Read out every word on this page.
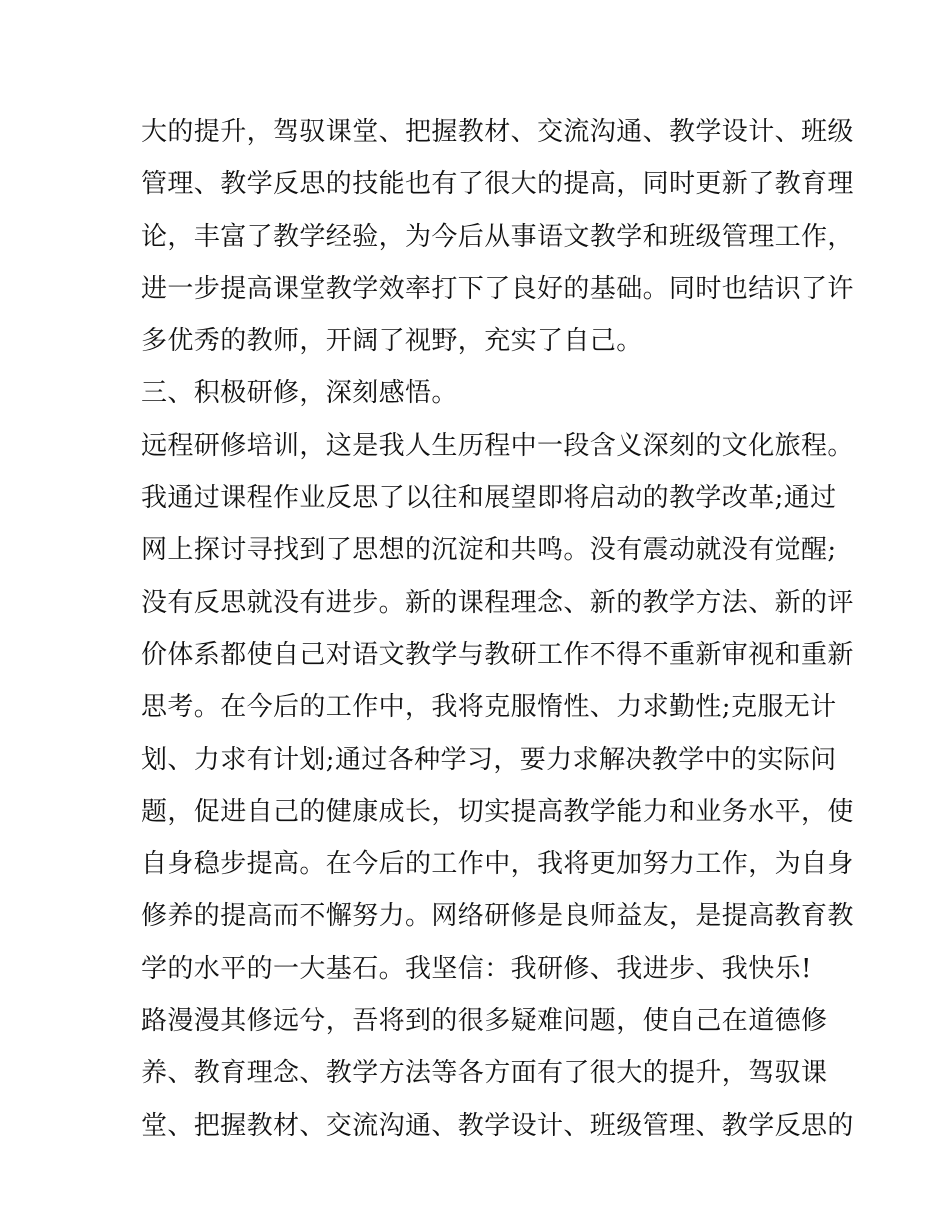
大的提升，驾驭课堂、把握教材、交流沟通、教学设计、班级
管理、教学反思的技能也有了很大的提高，同时更新了教育理
论，丰富了教学经验，为今后从事语文教学和班级管理工作，
进一步提高课堂教学效率打下了良好的基础。同时也结识了许
多优秀的教师，开阔了视野，充实了自己。
三、积极研修，深刻感悟。
远程研修培训，这是我人生历程中一段含义深刻的文化旅程。
我通过课程作业反思了以往和展望即将启动的教学改革;通过
网上探讨寻找到了思想的沉淀和共鸣。没有震动就没有觉醒;
没有反思就没有进步。新的课程理念、新的教学方法、新的评
价体系都使自己对语文教学与教研工作不得不重新审视和重新
思考。在今后的工作中，我将克服惰性、力求勤性;克服无计
划、力求有计划;通过各种学习，要力求解决教学中的实际问
题，促进自己的健康成长，切实提高教学能力和业务水平，使
自身稳步提高。在今后的工作中，我将更加努力工作，为自身
修养的提高而不懈努力。网络研修是良师益友，是提高教育教
学的水平的一大基石。我坚信：我研修、我进步、我快乐!
路漫漫其修远兮，吾将到的很多疑难问题，使自己在道德修
养、教育理念、教学方法等各方面有了很大的提升，驾驭课
堂、把握教材、交流沟通、教学设计、班级管理、教学反思的
